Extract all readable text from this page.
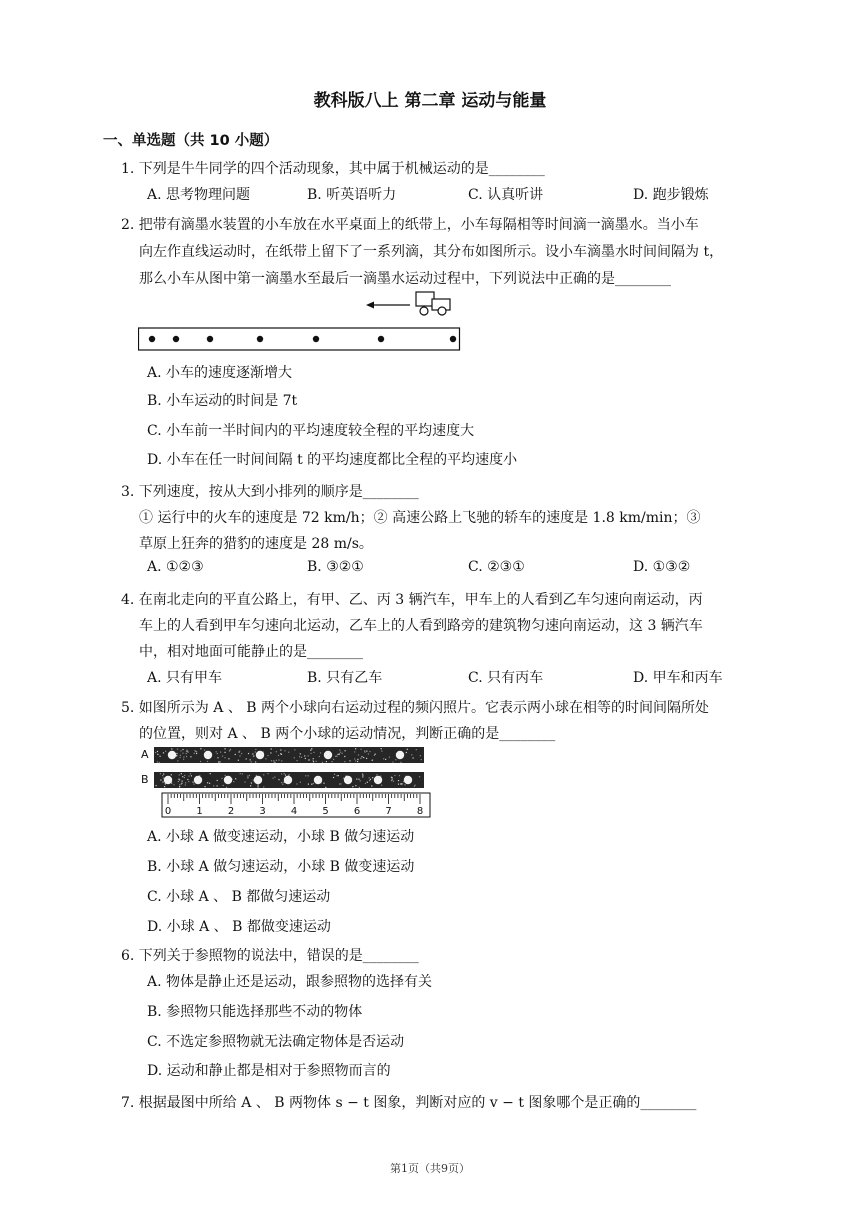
教科版八上 第二章 运动与能量
一、单选题（共 10 小题）
1. 下列是牛牛同学的四个活动现象，其中属于机械运动的是________
A. 思考物理问题	B. 听英语听力	C. 认真听讲	D. 跑步锻炼
2. 把带有滴墨水装置的小车放在水平桌面上的纸带上，小车每隔相等时间滴一滴墨水。当小车
向左作直线运动时，在纸带上留下了一系列滴，其分布如图所示。设小车滴墨水时间间隔为 t，
那么小车从图中第一滴墨水至最后一滴墨水运动过程中，下列说法中正确的是________
A. 小车的速度逐渐增大
B. 小车运动的时间是 7t
C. 小车前一半时间内的平均速度较全程的平均速度大
D. 小车在任一时间间隔 t 的平均速度都比全程的平均速度小
3. 下列速度，按从大到小排列的顺序是________
① 运行中的火车的速度是 72 km/h；② 高速公路上飞驰的轿车的速度是 1.8 km/min；③
草原上狂奔的猎豹的速度是 28 m/s。
A. ①②③	B. ③②①	C. ②③①	D. ①③②
4. 在南北走向的平直公路上，有甲、乙、丙 3 辆汽车，甲车上的人看到乙车匀速向南运动，丙
车上的人看到甲车匀速向北运动，乙车上的人看到路旁的建筑物匀速向南运动，这 3 辆汽车
中，相对地面可能静止的是________
A. 只有甲车	B. 只有乙车	C. 只有丙车	D. 甲车和丙车
5. 如图所示为 A 、 B 两个小球向右运动过程的频闪照片。它表示两小球在相等的时间间隔所处
的位置，则对 A 、 B 两个小球的运动情况，判断正确的是________
A
B
0	1	2	3	4	5	6	7	8
A. 小球 A 做变速运动，小球 B 做匀速运动
B. 小球 A 做匀速运动，小球 B 做变速运动
C. 小球 A 、 B 都做匀速运动
D. 小球 A 、 B 都做变速运动
6. 下列关于参照物的说法中，错误的是________
A. 物体是静止还是运动，跟参照物的选择有关
B. 参照物只能选择那些不动的物体
C. 不选定参照物就无法确定物体是否运动
D. 运动和静止都是相对于参照物而言的
7. 根据最图中所给 A 、 B 两物体 s − t 图象，判断对应的 v − t 图象哪个是正确的________
第1页（共9页）
